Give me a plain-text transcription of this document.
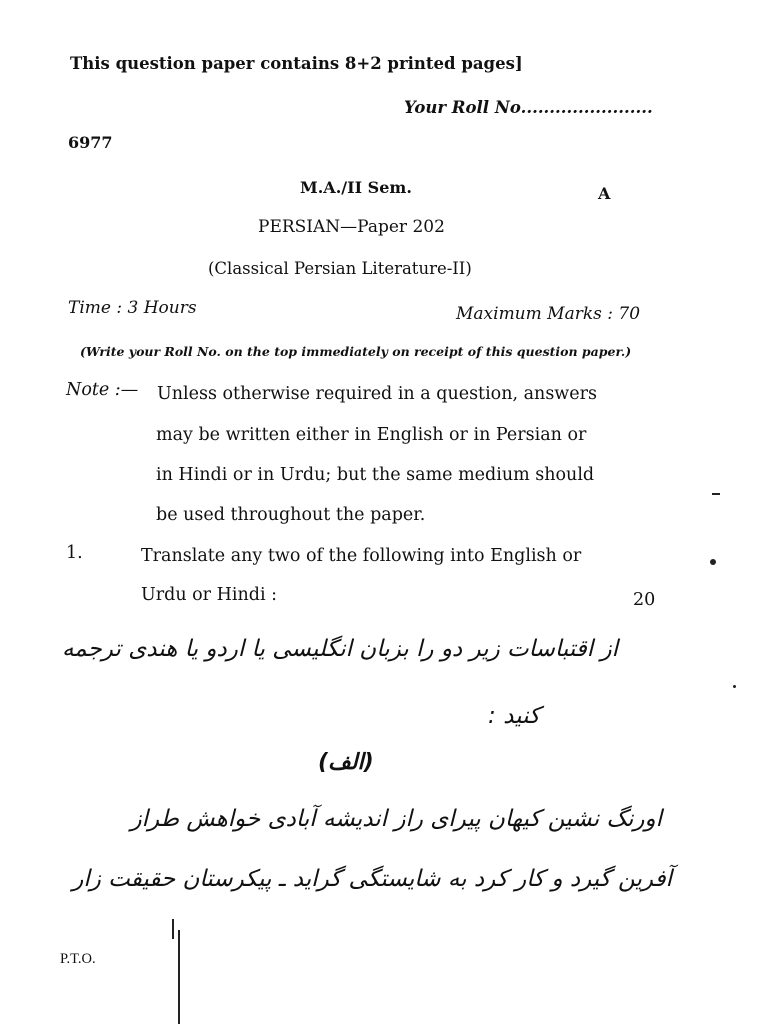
This question paper contains 8+2 printed pages]
Your Roll No.......................
6977
M.A./II Sem.	A
PERSIAN—Paper 202
(Classical Persian Literature-II)
Time : 3 Hours	Maximum Marks : 70
(Write your Roll No. on the top immediately on receipt of this question paper.)
Note :— Unless otherwise required in a question, answers
may be written either in English or in Persian or
in Hindi or in Urdu; but the same medium should
be used throughout the paper.
1.	Translate any two of the following into English or
Urdu or Hindi :	20
از اقتباسات زیر دو را بزبان انگلیسی یا اردو یا هندی ترجمه
کنید :
(الف)
اورنگ نشین کیهان پیرای راز اندیشه آبادی خواهش طراز
آفرین گیرد و کار کرد به شایستگی گراید ـ پیکرستان حقیقت زار
P.T.O.
